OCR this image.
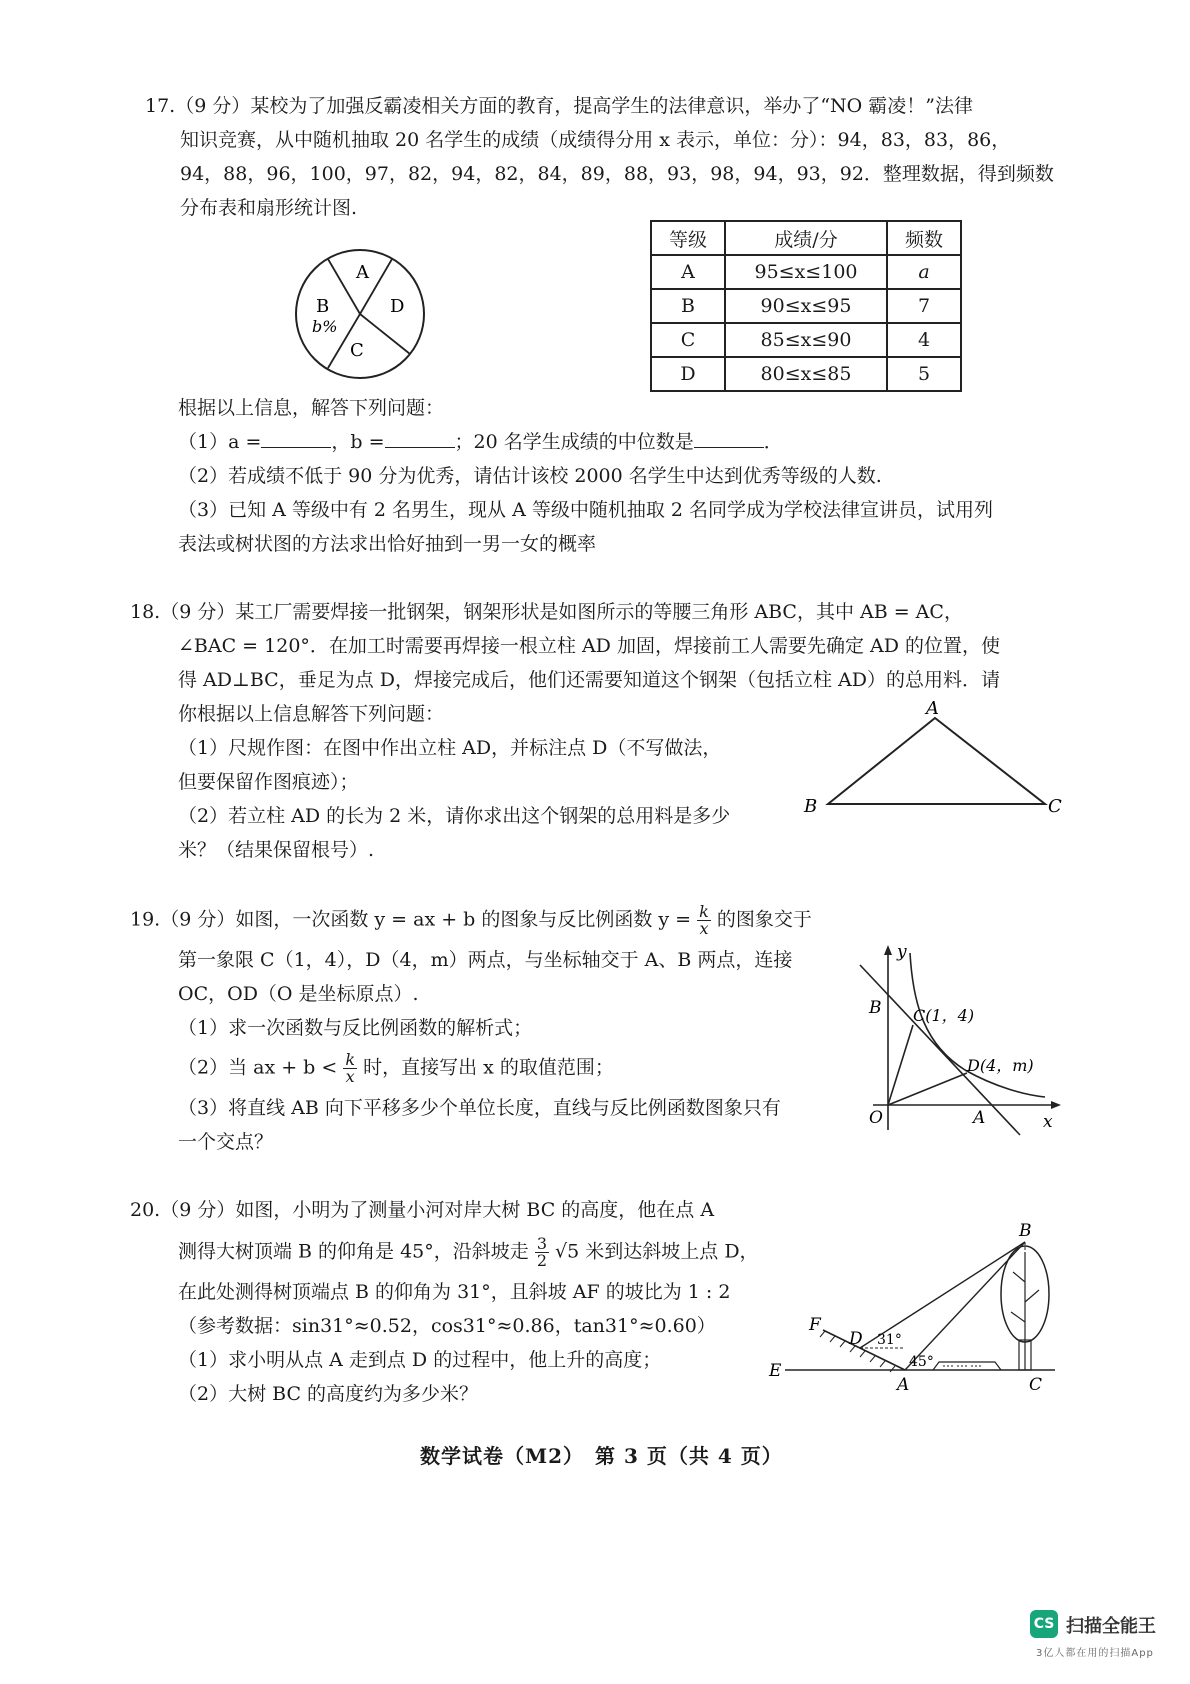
17.（9 分）某校为了加强反霸凌相关方面的教育，提高学生的法律意识，举办了“NO 霸凌！”法律
知识竞赛，从中随机抽取 20 名学生的成绩（成绩得分用 x 表示，单位：分）：94，83，83，86，
94，88，96，100，97，82，94，82，84，89，88，93，98，94，93，92．整理数据，得到频数
分布表和扇形统计图.
A
B
b%
D
C
等级	成绩/分	频数
A	95≤x≤100	a
B	90≤x≤95	7
C	85≤x≤90	4
D	80≤x≤85	5
根据以上信息，解答下列问题：
（1）a =	，b =	；20 名学生成绩的中位数是	．
（2）若成绩不低于 90 分为优秀，请估计该校 2000 名学生中达到优秀等级的人数.
（3）已知 A 等级中有 2 名男生，现从 A 等级中随机抽取 2 名同学成为学校法律宣讲员，试用列
表法或树状图的方法求出恰好抽到一男一女的概率
18.（9 分）某工厂需要焊接一批钢架，钢架形状是如图所示的等腰三角形 ABC，其中 AB = AC，
∠BAC = 120°．在加工时需要再焊接一根立柱 AD 加固，焊接前工人需要先确定 AD 的位置，使
得 AD⊥BC，垂足为点 D，焊接完成后，他们还需要知道这个钢架（包括立柱 AD）的总用料．请
你根据以上信息解答下列问题：
（1）尺规作图：在图中作出立柱 AD，并标注点 D（不写做法，
但要保留作图痕迹）；
（2）若立柱 AD 的长为 2 米，请你求出这个钢架的总用料是多少
米？（结果保留根号）.
A
B	C
19.（9 分）如图，一次函数 y = ax + b 的图象与反比例函数 $y = \frac{k}{x}$ 的图象交于
第一象限 C（1，4），D（4，m）两点，与坐标轴交于 A、B 两点，连接
OC，OD（O 是坐标原点）.
（1）求一次函数与反比例函数的解析式；
（2）当 ax + $b < \frac{k}{x}$ 时，直接写出 x 的取值范围；
（3）将直线 AB 向下平移多少个单位长度，直线与反比例函数图象只有
一个交点？
y
x
O
B C(1，4)
D(4，m)
A
20.（9 分）如图，小明为了测量小河对岸大树 BC 的高度，他在点 A
测得大树顶端 B 的仰角是 45°，沿斜坡走 $\frac{3}{2} √5$ 米到达斜坡上点 D，
在此处测得树顶端点 B 的仰角为 31°，且斜坡 AF 的坡比为 1 : 2
（参考数据：sin31°≈0.52，cos31°≈0.86，tan31°≈0.60）
（1）求小明从点 A 走到点 D 的过程中，他上升的高度；
（2）大树 BC 的高度约为多少米？
B
C
A
D
E
F
31°
45°
数学试卷（M2）　第 3 页（共 4 页）
CS 扫描全能王
3亿人都在用的扫描App
